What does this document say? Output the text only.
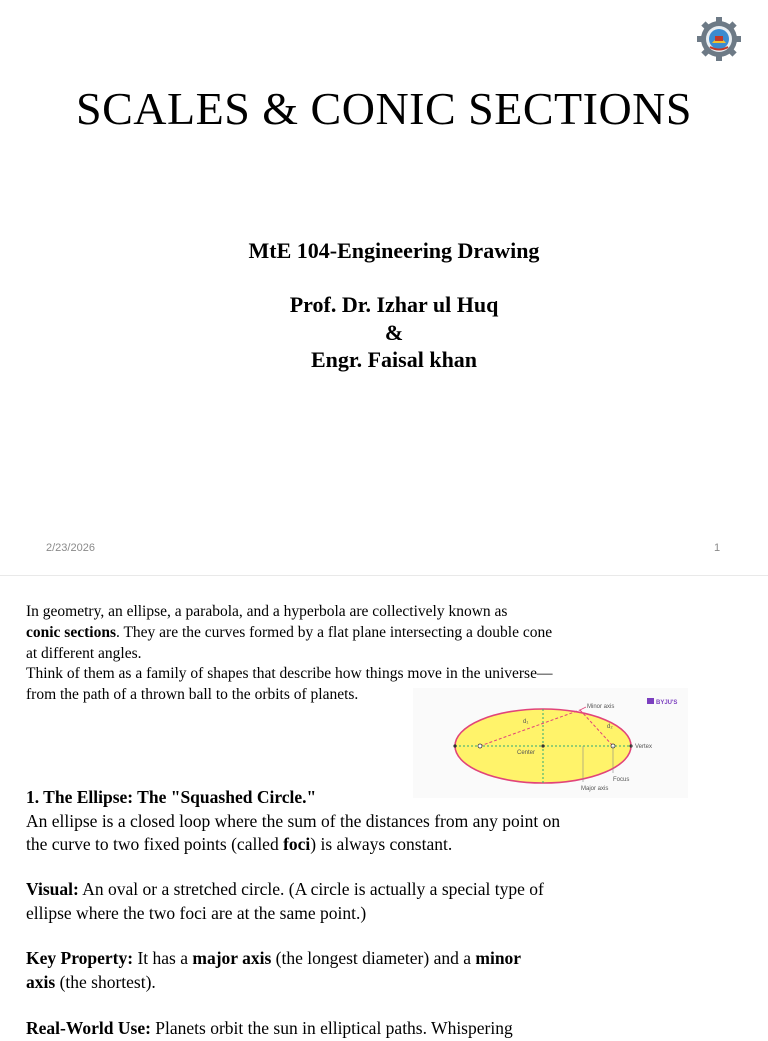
SCALES & CONIC SECTIONS
MtE 104-Engineering Drawing
Prof. Dr. Izhar ul Huq
&
Engr. Faisal khan
2/23/2026	1
In geometry, an ellipse, a parabola, and a hyperbola are collectively known as
conic sections. They are the curves formed by a flat plane intersecting a double cone
at different angles.
Think of them as a family of shapes that describe how things move in the universe—
from the path of a thrown ball to the orbits of planets.	BYJU'S
Minor axis
d₁
d₂
Center
Vertex
Focus
Major axis
1. The Ellipse: The "Squashed Circle."
An ellipse is a closed loop where the sum of the distances from any point on
the curve to two fixed points (called foci) is always constant.
Visual: An oval or a stretched circle. (A circle is actually a special type of
ellipse where the two foci are at the same point.)
Key Property: It has a major axis (the longest diameter) and a minor
axis (the shortest).
Real-World Use: Planets orbit the sun in elliptical paths. Whispering
